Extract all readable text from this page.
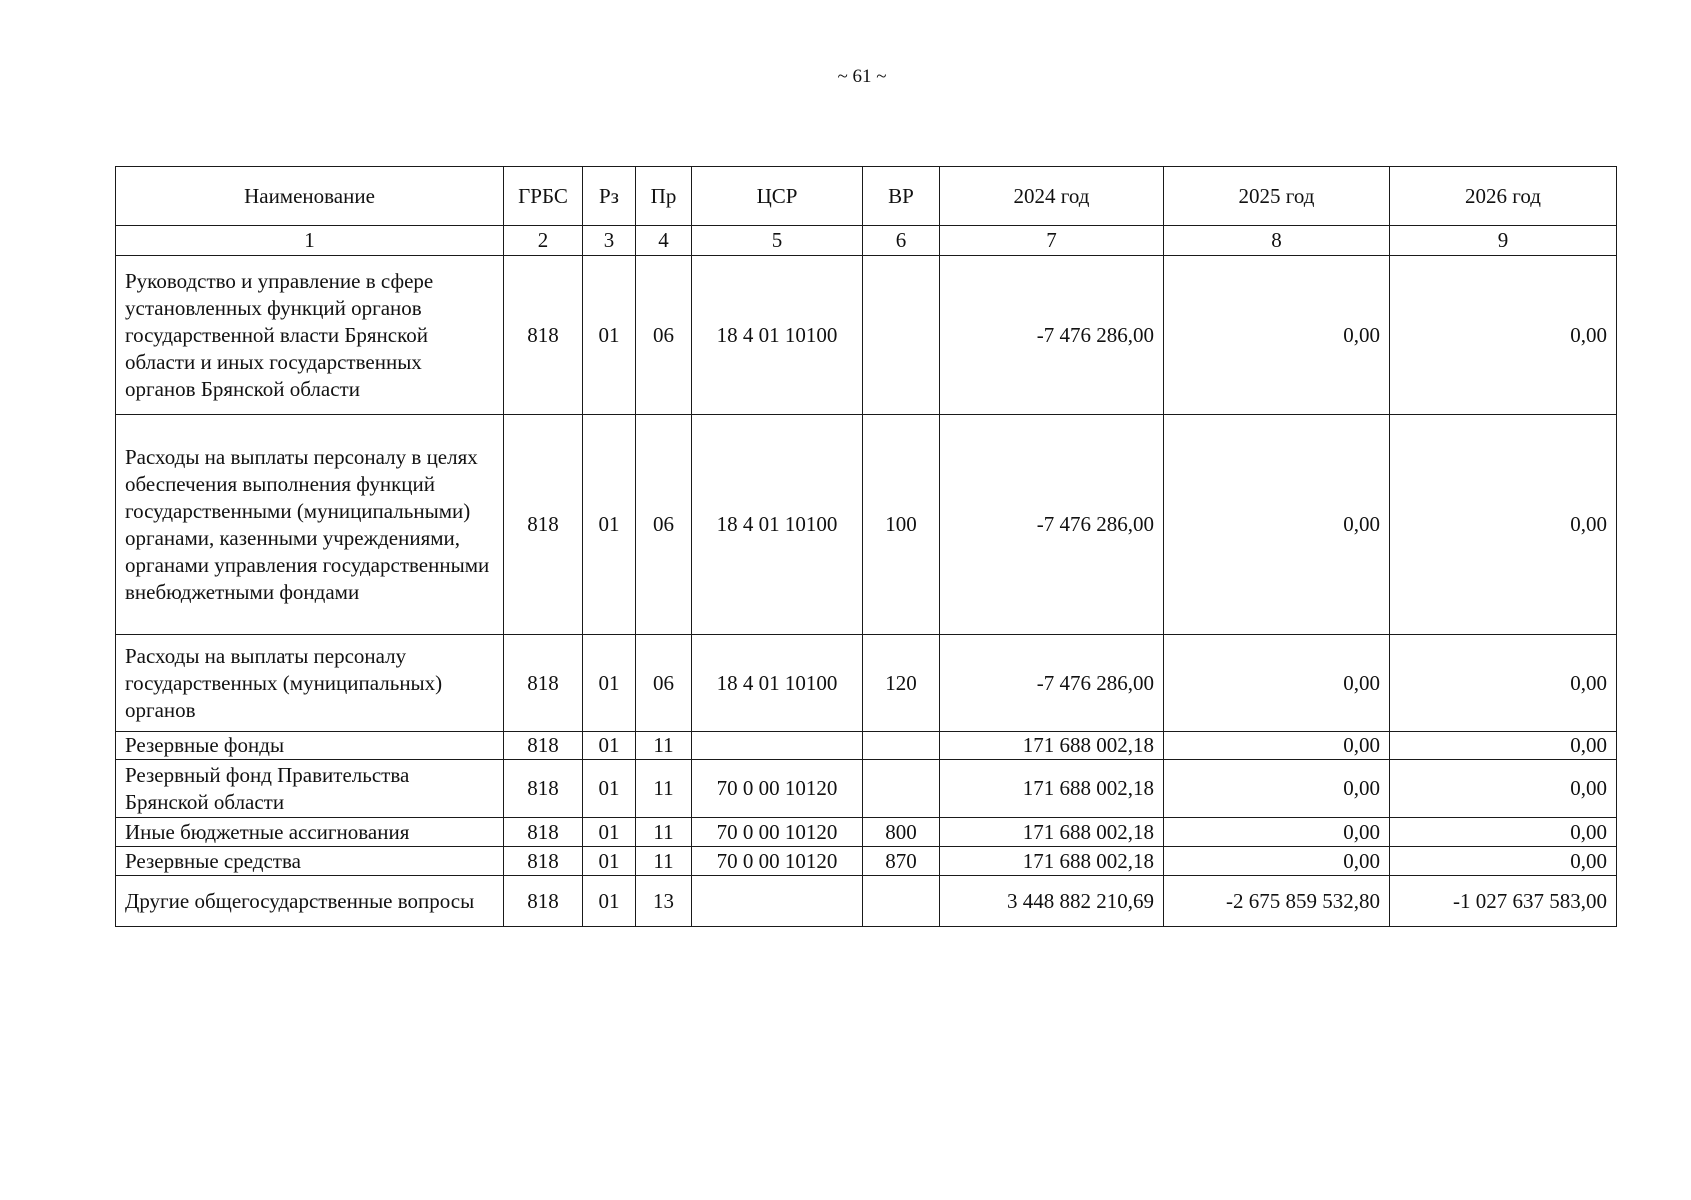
~ 61 ~
Наименование	ГРБС	Рз	Пр	ЦСР	ВР	2024 год	2025 год	2026 год
1	2	3	4	5	6	7	8	9
Руководство и управление в сфере установленных функций органов государственной власти Брянской области и иных государственных органов Брянской области	818	01	06	18 4 01 10100		-7 476 286,00	0,00	0,00
Расходы на выплаты персоналу в целях обеспечения выполнения функций государственными (муниципальными) органами, казенными учреждениями, органами управления государственными внебюджетными фондами	818	01	06	18 4 01 10100	100	-7 476 286,00	0,00	0,00
Расходы на выплаты персоналу государственных (муниципальных) органов	818	01	06	18 4 01 10100	120	-7 476 286,00	0,00	0,00
Резервные фонды	818	01	11			171 688 002,18	0,00	0,00
Резервный фонд Правительства Брянской области	818	01	11	70 0 00 10120		171 688 002,18	0,00	0,00
Иные бюджетные ассигнования	818	01	11	70 0 00 10120	800	171 688 002,18	0,00	0,00
Резервные средства	818	01	11	70 0 00 10120	870	171 688 002,18	0,00	0,00
Другие общегосударственные вопросы	818	01	13			3 448 882 210,69	-2 675 859 532,80	-1 027 637 583,00
